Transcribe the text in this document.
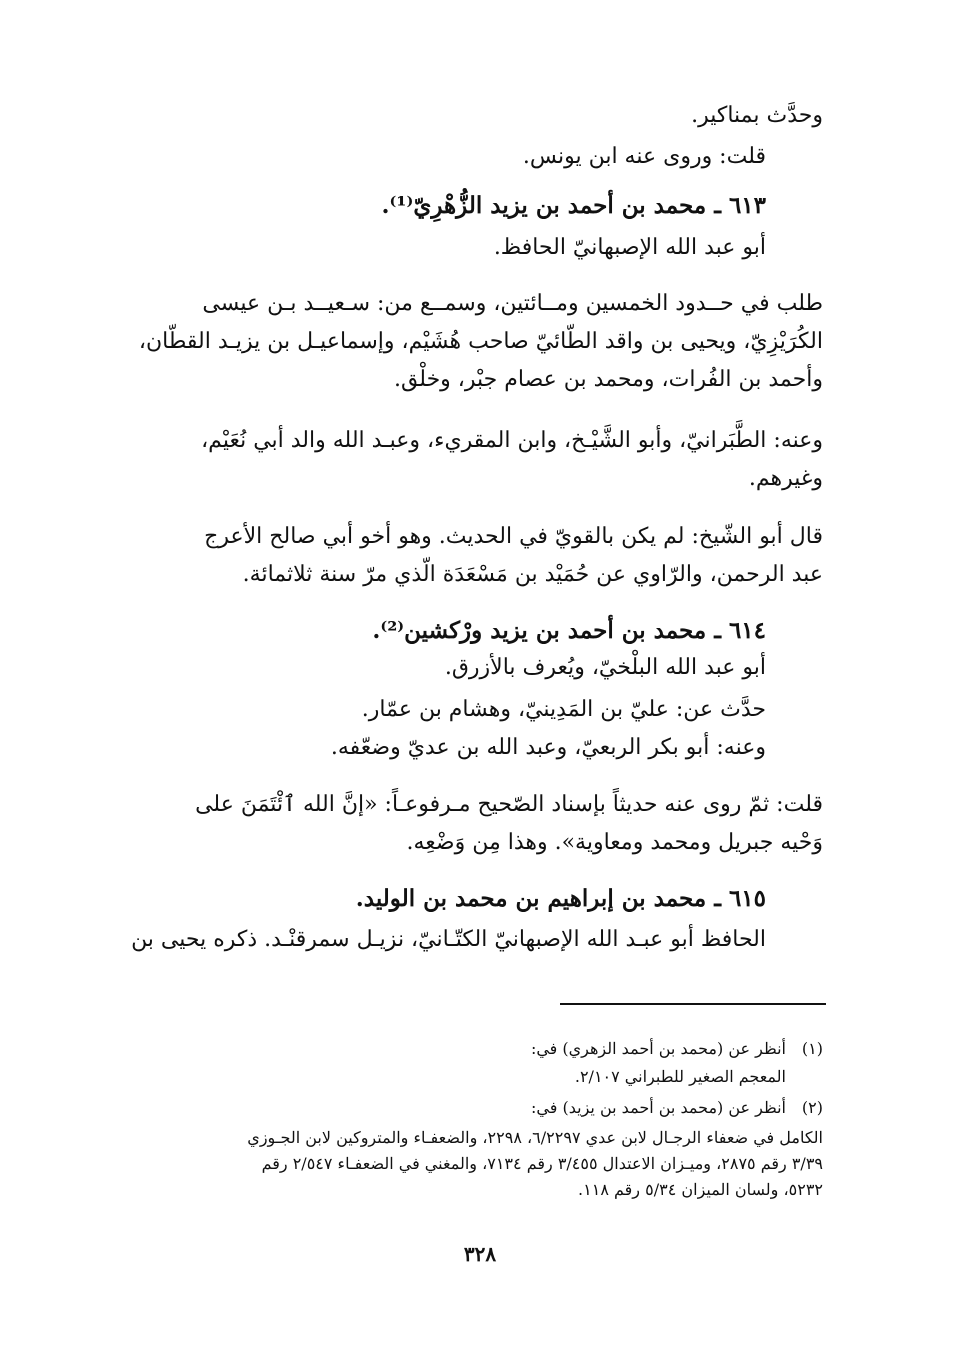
وحدَّث بمناكير.
قلت: وروى عنه ابن يونس.
٦١٣ ـ محمد بن أحمد بن يزيد الزُّهْرِيّ⁽¹⁾.
أبو عبد الله الإصبهانيّ الحافظ.
طلب في حــدود الخمسين ومــائتين، وسمــع من: سـعيــد بـن عيسى
الكُرَيْزِيّ، ويحيى بن واقد الطّائيّ صاحب هُشَيْم، وإسماعيـل بن يزيـد القطّان،
وأحمد بن الفُرات، ومحمد بن عصام جبْر، وخلْق.
وعنه: الطَّبَرانيّ، وأبو الشَّيْـخ، وابن المقريء، وعبـد الله والد أبي نُعَيْم،
وغيرهم.
قال أبو الشّيخ: لم يكن بالقويّ في الحديث. وهو أخو أبي صالح الأعرج
عبد الرحمن، والرّاوي عن حُمَيْد بن مَسْعَدَة الّذي مرّ سنة ثلاثمائة.
٦١٤ ـ محمد بن أحمد بن يزيد ورْكشين⁽²⁾.
أبو عبد الله البلْخيّ، ويُعرف بالأزرق.
حدَّث عن: عليّ بن المَدِينيّ، وهشام بن عمّار.
وعنه: أبو بكر الربعيّ، وعبد الله بن عديّ وضعّفه.
قلت: ثمّ روى عنه حديثاً بإسناد الصّحيح مـرفوعـاً: «إنَّ الله ٱئْتَمَنَ على
وَحْيه جبريل ومحمد ومعاوية». وهذا مِن وَضْعِه.
٦١٥ ـ محمد بن إبراهيم بن محمد بن الوليد.
الحافظ أبو عبـد الله الإصبهانيّ الكتّـانيّ، نزيـل سمرقنْـد. ذكره يحيى بن
(١)
أنظر عن (محمد بن أحمد الزهري) في:
المعجم الصغير للطبراني ٢/١٠٧.
(٢)
أنظر عن (محمد بن أحمد بن يزيد) في:
الكامل في ضعفاء الرجـال لابن عدي ٦/٢٢٩٧، ٢٢٩٨، والضعفـاء والمتروكين لابن الجـوزي
٣/٣٩ رقم ٢٨٧٥، وميـزان الاعتدال ٣/٤٥٥ رقم ٧١٣٤، والمغني في الضعفـاء ٢/٥٤٧ رقم
٥٢٣٢، ولسان الميزان ٥/٣٤ رقم ١١٨.
٣٢٨
